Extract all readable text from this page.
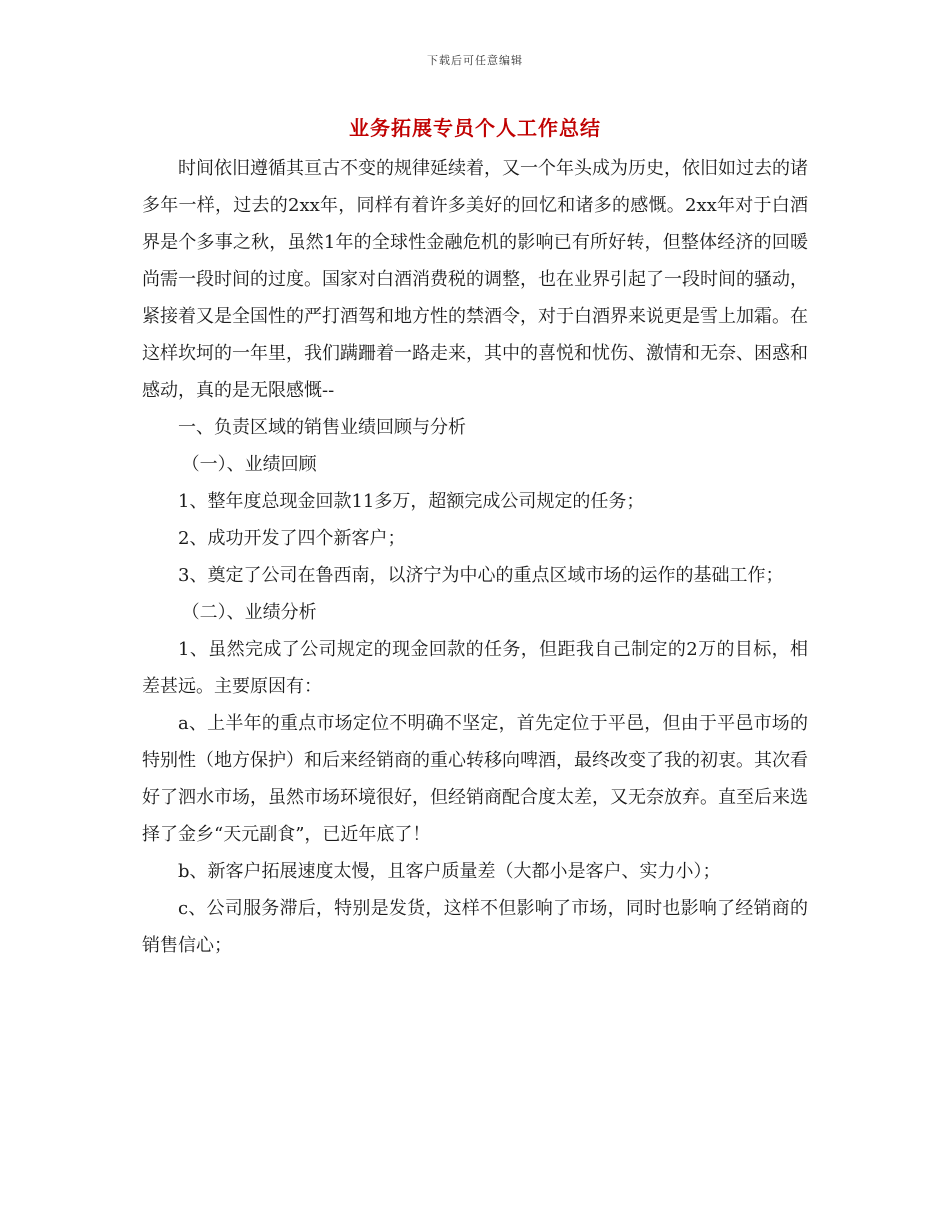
下载后可任意编辑
业务拓展专员个人工作总结

时间依旧遵循其亘古不变的规律延续着，又一个年头成为历史，依旧如过去的诸多年一样，过去的2xx年，同样有着许多美好的回忆和诸多的感慨。2xx年对于白酒界是个多事之秋，虽然1年的全球性金融危机的影响已有所好转，但整体经济的回暖尚需一段时间的过度。国家对白酒消费税的调整，也在业界引起了一段时间的骚动，紧接着又是全国性的严打酒驾和地方性的禁酒令，对于白酒界来说更是雪上加霜。在这样坎坷的一年里，我们蹒跚着一路走来，其中的喜悦和忧伤、激情和无奈、困惑和感动，真的是无限感慨--

一、负责区域的销售业绩回顾与分析

（一）、业绩回顾

1、整年度总现金回款11多万，超额完成公司规定的任务；

2、成功开发了四个新客户；

3、奠定了公司在鲁西南，以济宁为中心的重点区域市场的运作的基础工作；

（二）、业绩分析

1、虽然完成了公司规定的现金回款的任务，但距我自己制定的2万的目标，相差甚远。主要原因有：

a、上半年的重点市场定位不明确不坚定，首先定位于平邑，但由于平邑市场的特别性（地方保护）和后来经销商的重心转移向啤酒，最终改变了我的初衷。其次看好了泗水市场，虽然市场环境很好，但经销商配合度太差，又无奈放弃。直至后来选择了金乡“天元副食”，已近年底了！

b、新客户拓展速度太慢，且客户质量差（大都小是客户、实力小）；

c、公司服务滞后，特别是发货，这样不但影响了市场，同时也影响了经销商的销售信心；
